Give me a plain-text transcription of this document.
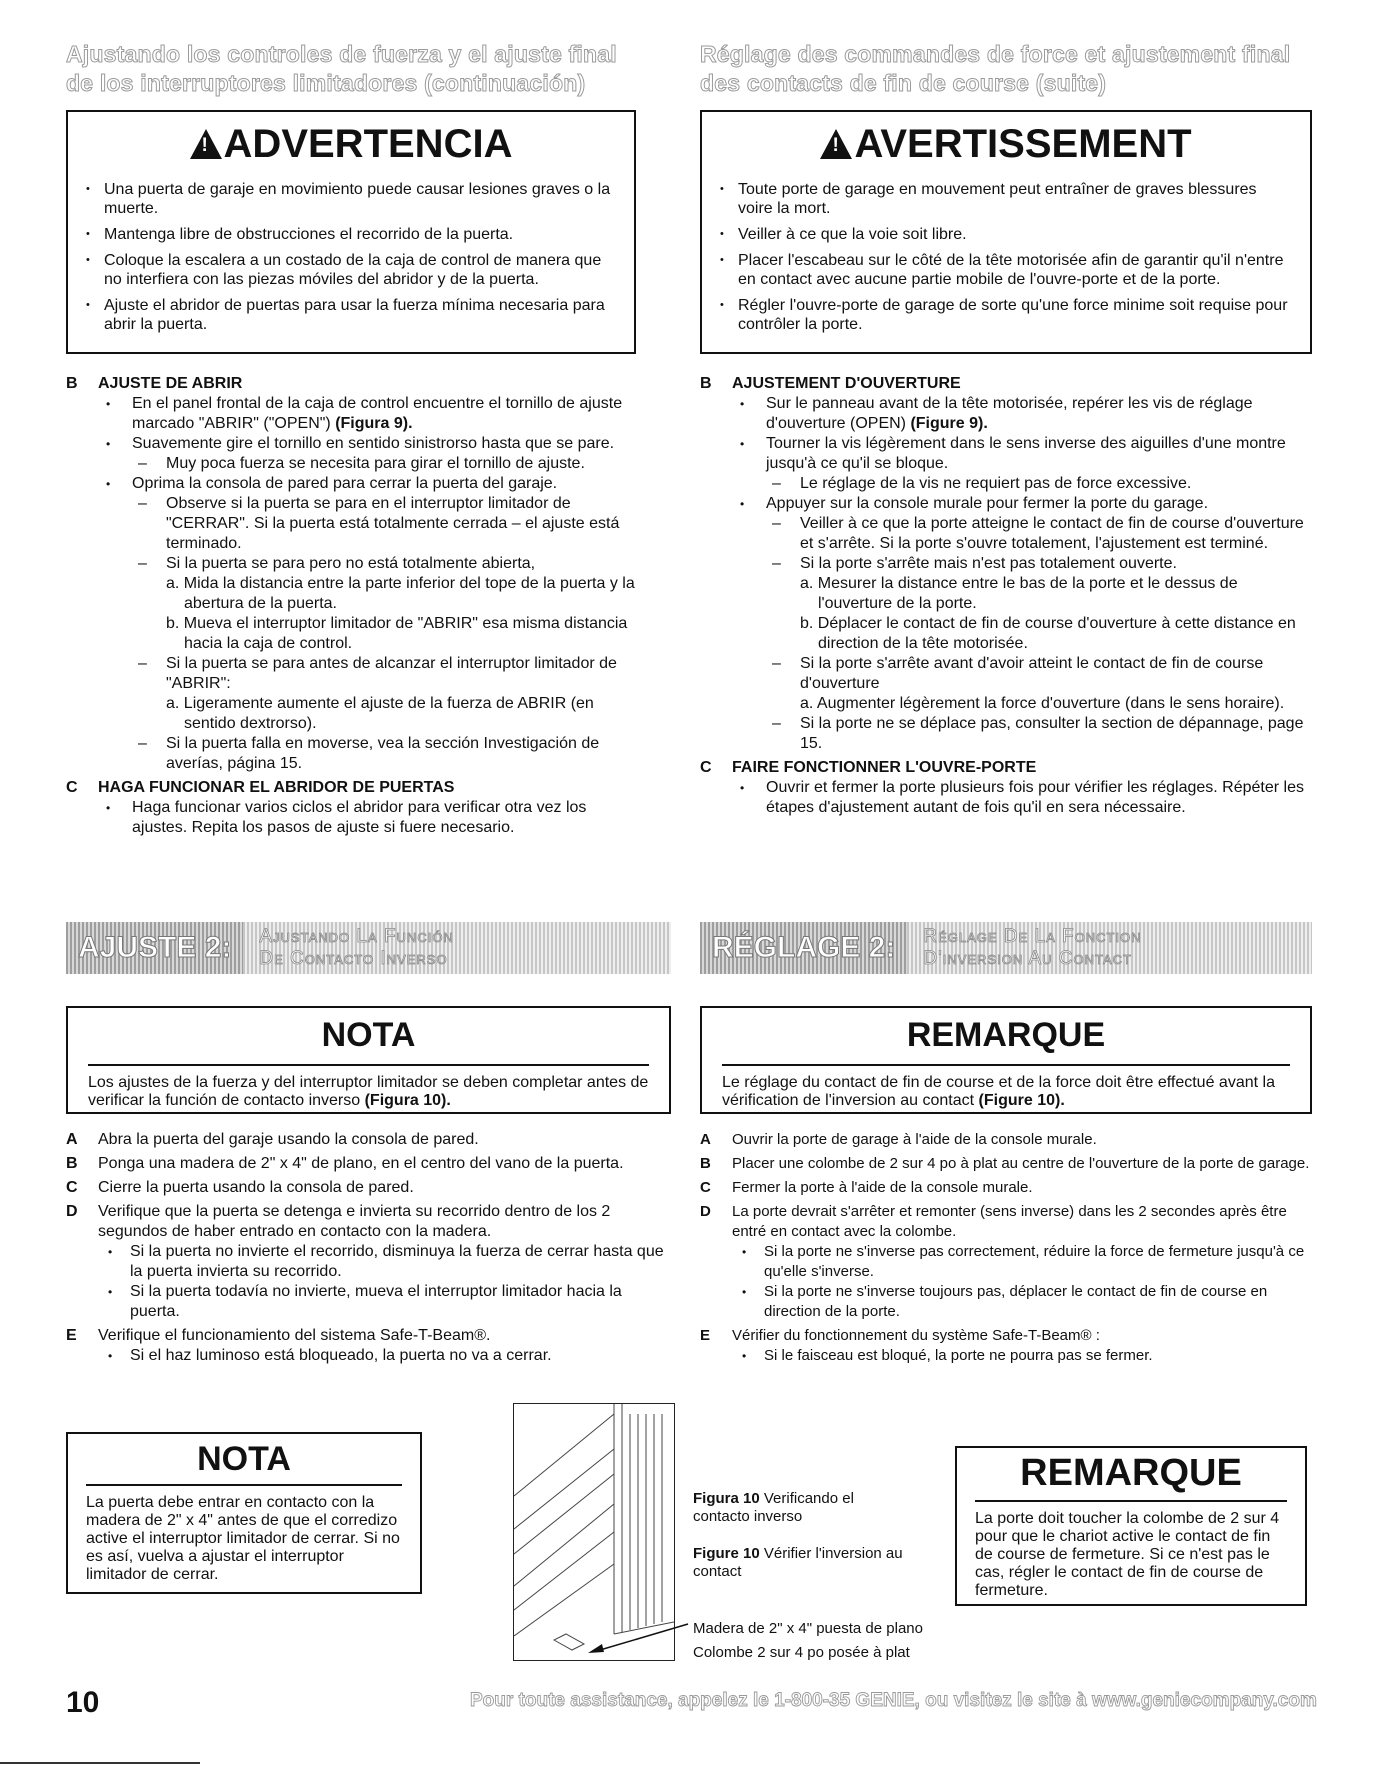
Ajustando los controles de fuerza y el ajuste final de los interruptores limitadores (continuación)
!
ADVERTENCIA
• Una puerta de garaje en movimiento puede causar lesiones graves o la muerte.
• Mantenga libre de obstrucciones el recorrido de la puerta.
• Coloque la escalera a un costado de la caja de control de manera que no interfiera con las piezas móviles del abridor y de la puerta.
• Ajuste el abridor de puertas para usar la fuerza mínima necesaria para abrir la puerta.
B	AJUSTE DE ABRIR
• En el panel frontal de la caja de control encuentre el tornillo de ajuste marcado "ABRIR" ("OPEN") (Figura 9).
• Suavemente gire el tornillo en sentido sinistrorso hasta que se pare.
– Muy poca fuerza se necesita para girar el tornillo de ajuste.
• Oprima la consola de pared para cerrar la puerta del garaje.
– Observe si la puerta se para en el interruptor limitador de "CERRAR". Si la puerta está totalmente cerrada – el ajuste está terminado.
– Si la puerta se para pero no está totalmente abierta,
a. Mida la distancia entre la parte inferior del tope de la puerta y la abertura de la puerta.
b. Mueva el interruptor limitador de "ABRIR" esa misma distancia hacia la caja de control.
– Si la puerta se para antes de alcanzar el interruptor limitador de "ABRIR":
a. Ligeramente aumente el ajuste de la fuerza de ABRIR (en sentido dextrorso).
– Si la puerta falla en moverse, vea la sección Investigación de averías, página 15.
C	HAGA FUNCIONAR EL ABRIDOR DE PUERTAS
• Haga funcionar varios ciclos el abridor para verificar otra vez los ajustes. Repita los pasos de ajuste si fuere necesario.
Réglage des commandes de force et ajustement final des contacts de fin de course (suite)
!
AVERTISSEMENT
• Toute porte de garage en mouvement peut entraîner de graves blessures voire la mort.
• Veiller à ce que la voie soit libre.
• Placer l'escabeau sur le côté de la tête motorisée afin de garantir qu'il n'entre en contact avec aucune partie mobile de l'ouvre-porte et de la porte.
• Régler l'ouvre-porte de garage de sorte qu'une force minime soit requise pour contrôler la porte.
B	AJUSTEMENT D'OUVERTURE
• Sur le panneau avant de la tête motorisée, repérer les vis de réglage d'ouverture (OPEN) (Figure 9).
• Tourner la vis légèrement dans le sens inverse des aiguilles d'une montre jusqu'à ce qu'il se bloque.
– Le réglage de la vis ne requiert pas de force excessive.
• Appuyer sur la console murale pour fermer la porte du garage.
– Veiller à ce que la porte atteigne le contact de fin de course d'ouverture et s'arrête. Si la porte s'ouvre totalement, l'ajustement est terminé.
– Si la porte s'arrête mais n'est pas totalement ouverte.
a. Mesurer la distance entre le bas de la porte et le dessus de l'ouverture de la porte.
b. Déplacer le contact de fin de course d'ouverture à cette distance en direction de la tête motorisée.
– Si la porte s'arrête avant d'avoir atteint le contact de fin de course d'ouverture
a. Augmenter légèrement la force d'ouverture (dans le sens horaire).
– Si la porte ne se déplace pas, consulter la section de dépannage, page 15.
C	FAIRE FONCTIONNER L'OUVRE-PORTE
• Ouvrir et fermer la porte plusieurs fois pour vérifier les réglages. Répéter les étapes d'ajustement autant de fois qu'il en sera nécessaire.
AJUSTE 2:	Ajustando La Función
De Contacto Inverso	RÉGLAGE 2:	Réglage De La Fonction
D'inversion Au Contact
NOTA
Los ajustes de la fuerza y del interruptor limitador se deben completar antes de verificar la función de contacto inverso (Figura 10).
REMARQUE
Le réglage du contact de fin de course et de la force doit être effectué avant la vérification de l'inversion au contact (Figure 10).
A	Abra la puerta del garaje usando la consola de pared.
B	Ponga una madera de 2" x 4" de plano, en el centro del vano de la puerta.
C	Cierre la puerta usando la consola de pared.
D	Verifique que la puerta se detenga e invierta su recorrido dentro de los 2 segundos de haber entrado en contacto con la madera.
• Si la puerta no invierte el recorrido, disminuya la fuerza de cerrar hasta que la puerta invierta su recorrido.
• Si la puerta todavía no invierte, mueva el interruptor limitador hacia la puerta.
E	Verifique el funcionamiento del sistema Safe-T-Beam®.
• Si el haz luminoso está bloqueado, la puerta no va a cerrar.
A	Ouvrir la porte de garage à l'aide de la console murale.
B	Placer une colombe de 2 sur 4 po à plat au centre de l'ouverture de la porte de garage.
C	Fermer la porte à l'aide de la console murale.
D	La porte devrait s'arrêter et remonter (sens inverse) dans les 2 secondes après être entré en contact avec la colombe.
• Si la porte ne s'inverse pas correctement, réduire la force de fermeture jusqu'à ce qu'elle s'inverse.
• Si la porte ne s'inverse toujours pas, déplacer le contact de fin de course en direction de la porte.
E	Vérifier du fonctionnement du système Safe-T-Beam® :
• Si le faisceau est bloqué, la porte ne pourra pas se fermer.
NOTA
La puerta debe entrar en contacto con la madera de 2" x 4" antes de que el corredizo active el interruptor limitador de cerrar. Si no es así, vuelva a ajustar el interruptor limitador de cerrar.
REMARQUE
La porte doit toucher la colombe de 2 sur 4 pour que le chariot active le contact de fin de course de fermeture. Si ce n'est pas le cas, régler le contact de fin de course de fermeture.
Figura 10 Verificando el contacto inverso
Figure 10 Vérifier l'inversion au contact
Madera de 2" x 4" puesta de plano
Colombe 2 sur 4 po posée à plat
10	Pour toute assistance, appelez le 1-800-35 GENIE, ou visitez le site à www.geniecompany.com
